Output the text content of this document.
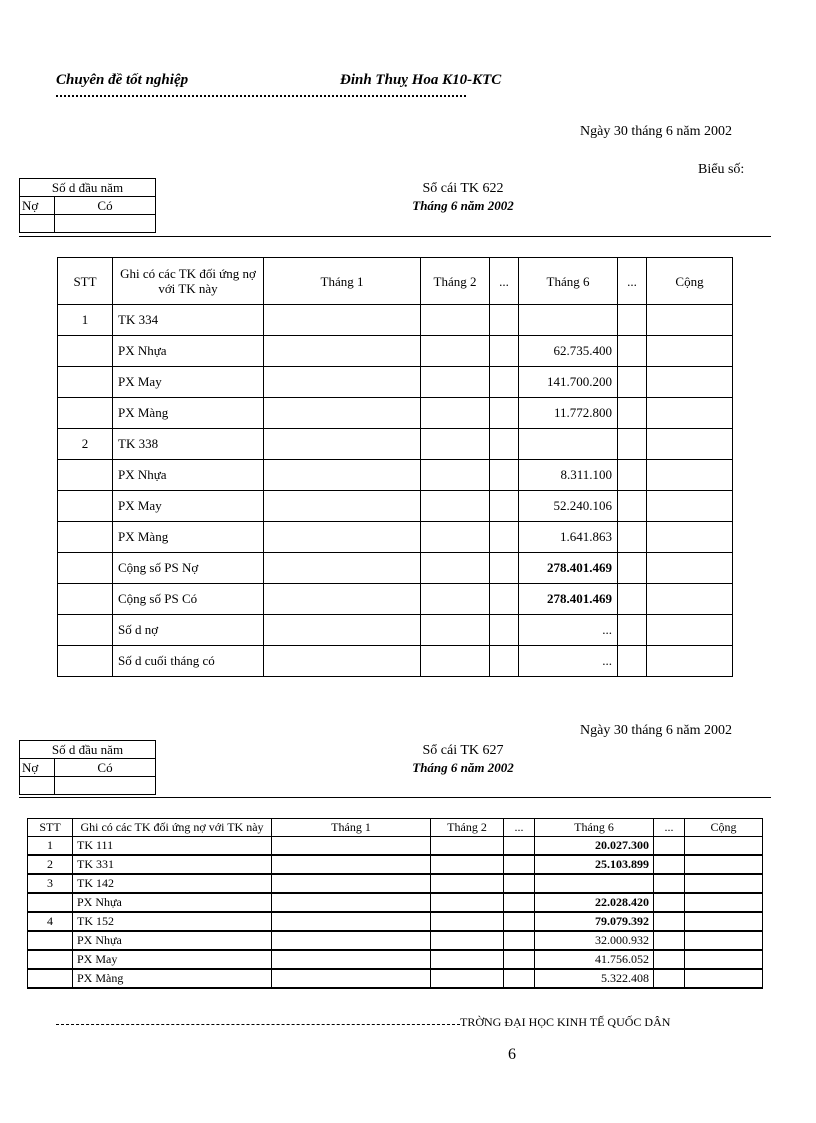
Chuyên đề tốt nghiệp	Đinh Thuỵ Hoa K10-KTC
Ngày 30 tháng 6 năm 2002
Biểu số:
Số d đầu năm	
Nợ	Có

Sổ cái TK 622
Tháng 6 năm 2002
STT	Ghi có các TK đối ứng nợ với TK này	Tháng 1	Tháng 2	...	Tháng 6	...	Cộng
1	TK 334						
	PX Nhựa				62.735.400		
	PX May				141.700.200		
	PX Màng				11.772.800		
2	TK 338						
	PX Nhựa				8.311.100		
	PX May				52.240.106		
	PX Màng				1.641.863		
	Cộng số PS Nợ				278.401.469		
	Cộng số PS Có				278.401.469		
	Số d nợ				...		
	Số d cuối tháng có				...		
Ngày 30 tháng 6 năm 2002
Số d đầu năm	
Nợ	Có

Sổ cái TK 627
Tháng 6 năm 2002
STT	Ghi có các TK đối ứng nợ với TK này	Tháng 1	Tháng 2	...	Tháng 6	...	Cộng
1	TK 111				20.027.300		
2	TK 331				25.103.899		
3	TK 142						
	PX Nhựa				22.028.420		
4	TK 152				79.079.392		
	PX Nhựa				32.000.932		
	PX May				41.756.052		
	PX Màng				5.322.408		
TRỜNG ĐẠI HỌC KINH TẾ QUỐC DÂN
6
